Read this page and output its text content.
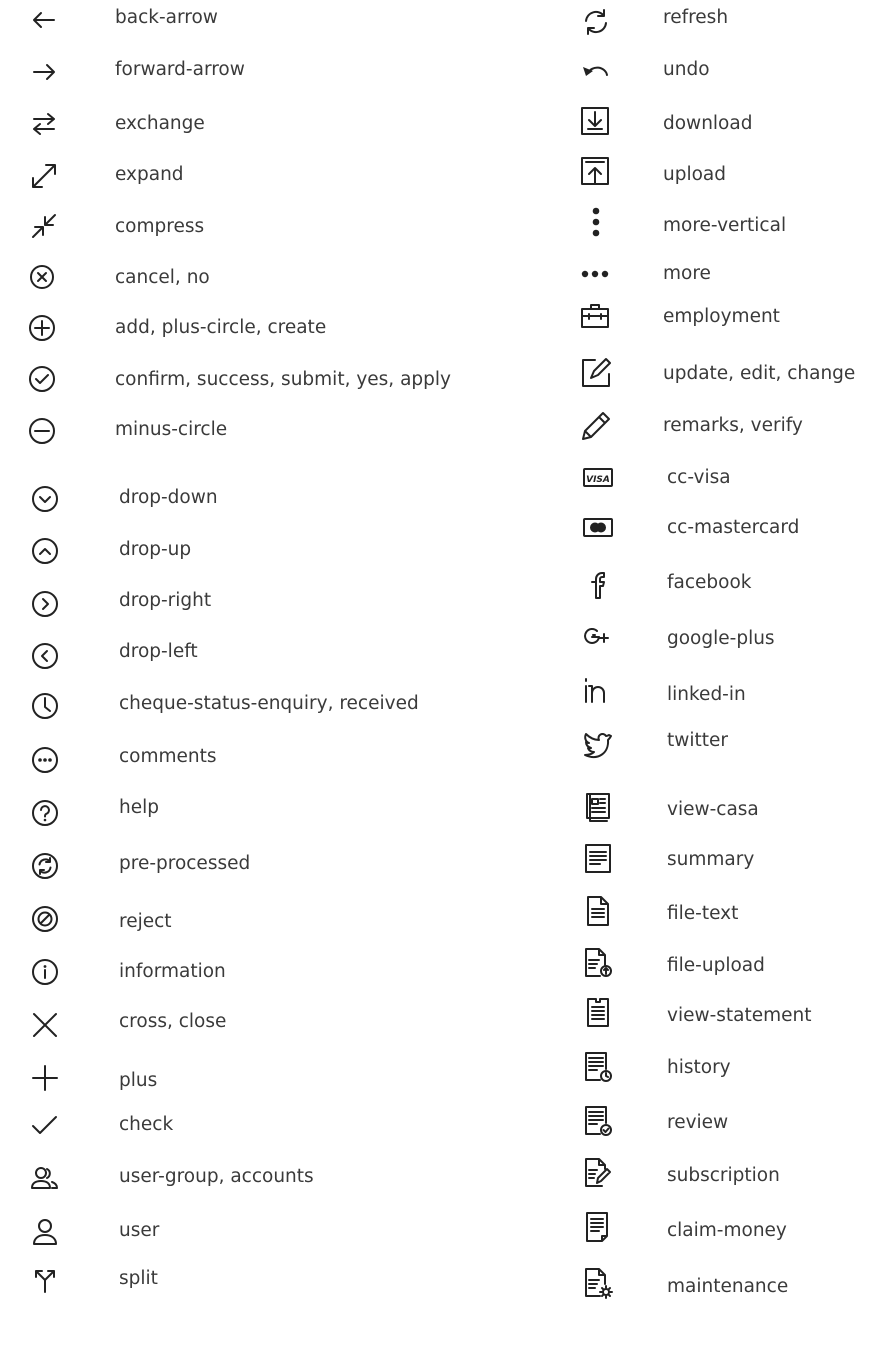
back-arrow
forward-arrow
exchange
expand
compress
cancel, no
add, plus-circle, create
confirm, success, submit, yes, apply
minus-circle
drop-down
drop-up
drop-right
drop-left
cheque-status-enquiry, received
comments
help
pre-processed
reject
information
cross, close
plus
check
user-group, accounts
user
split
refresh
undo
download
upload
more-vertical
more
employment
update, edit, change
remarks, verify
VISA	cc-visa
cc-mastercard
facebook
google-plus
linked-in
twitter
view-casa
summary
file-text
file-upload
view-statement
history
review
subscription
claim-money
maintenance
